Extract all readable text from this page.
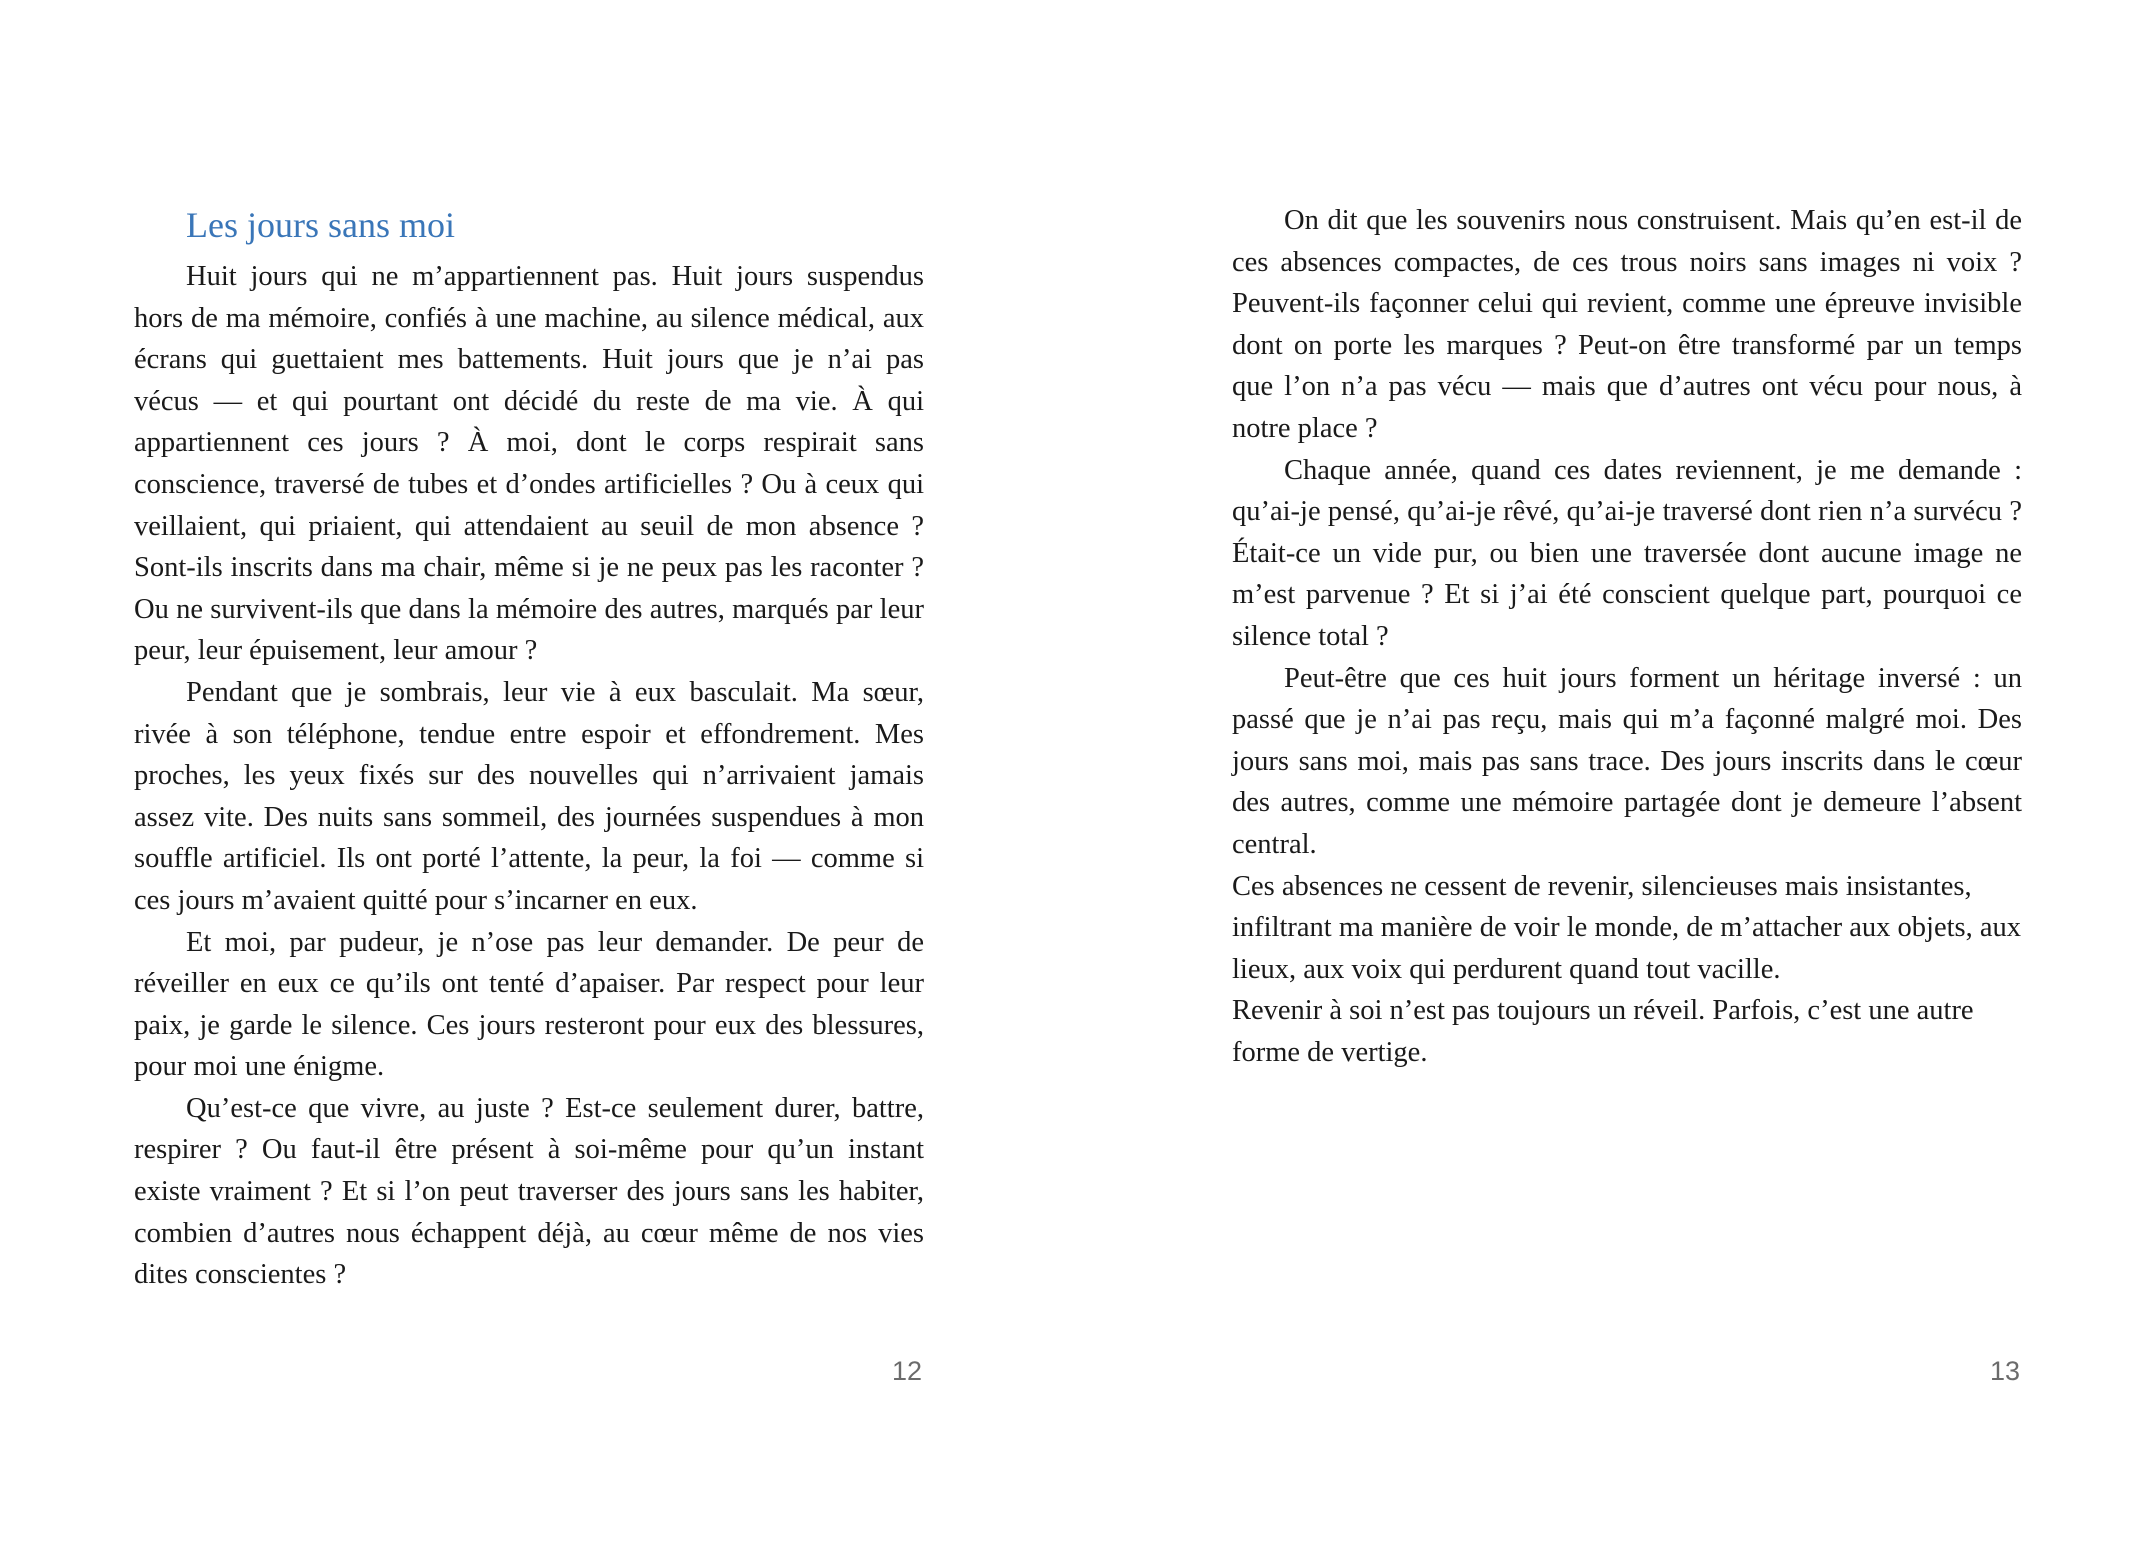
Les jours sans moi

Huit jours qui ne m’appartiennent pas. Huit jours suspendus hors de ma mémoire, confiés à une machine, au silence médical, aux écrans qui guettaient mes battements. Huit jours que je n’ai pas vécus — et qui pourtant ont décidé du reste de ma vie. À qui appartiennent ces jours ? À moi, dont le corps respirait sans conscience, traversé de tubes et d’ondes artificielles ? Ou à ceux qui veillaient, qui priaient, qui attendaient au seuil de mon absence ? Sont-ils inscrits dans ma chair, même si je ne peux pas les raconter ? Ou ne survivent-ils que dans la mémoire des autres, marqués par leur peur, leur épuisement, leur amour ?

Pendant que je sombrais, leur vie à eux basculait. Ma sœur, rivée à son téléphone, tendue entre espoir et effondrement. Mes proches, les yeux fixés sur des nouvelles qui n’arrivaient jamais assez vite. Des nuits sans sommeil, des journées suspendues à mon souffle artificiel. Ils ont porté l’attente, la peur, la foi — comme si ces jours m’avaient quitté pour s’incarner en eux.

Et moi, par pudeur, je n’ose pas leur demander. De peur de réveiller en eux ce qu’ils ont tenté d’apaiser. Par respect pour leur paix, je garde le silence. Ces jours resteront pour eux des blessures, pour moi une énigme.

Qu’est-ce que vivre, au juste ? Est-ce seulement durer, battre, respirer ? Ou faut-il être présent à soi-même pour qu’un instant existe vraiment ? Et si l’on peut traverser des jours sans les habiter, combien d’autres nous échappent déjà, au cœur même de nos vies dites conscientes ?

12

On dit que les souvenirs nous construisent. Mais qu’en est-il de ces absences compactes, de ces trous noirs sans images ni voix ? Peuvent-ils façonner celui qui revient, comme une épreuve invisible dont on porte les marques ? Peut-on être transformé par un temps que l’on n’a pas vécu — mais que d’autres ont vécu pour nous, à notre place ?

Chaque année, quand ces dates reviennent, je me demande : qu’ai-je pensé, qu’ai-je rêvé, qu’ai-je traversé dont rien n’a survécu ? Était-ce un vide pur, ou bien une traversée dont aucune image ne m’est parvenue ? Et si j’ai été conscient quelque part, pourquoi ce silence total ?

Peut-être que ces huit jours forment un héritage inversé : un passé que je n’ai pas reçu, mais qui m’a façonné malgré moi. Des jours sans moi, mais pas sans trace. Des jours inscrits dans le cœur des autres, comme une mémoire partagée dont je demeure l’absent central.

Ces absences ne cessent de revenir, silencieuses mais insistantes, infiltrant ma manière de voir le monde, de m’attacher aux objets, aux lieux, aux voix qui perdurent quand tout vacille.

Revenir à soi n’est pas toujours un réveil. Parfois, c’est une autre forme de vertige.

13
